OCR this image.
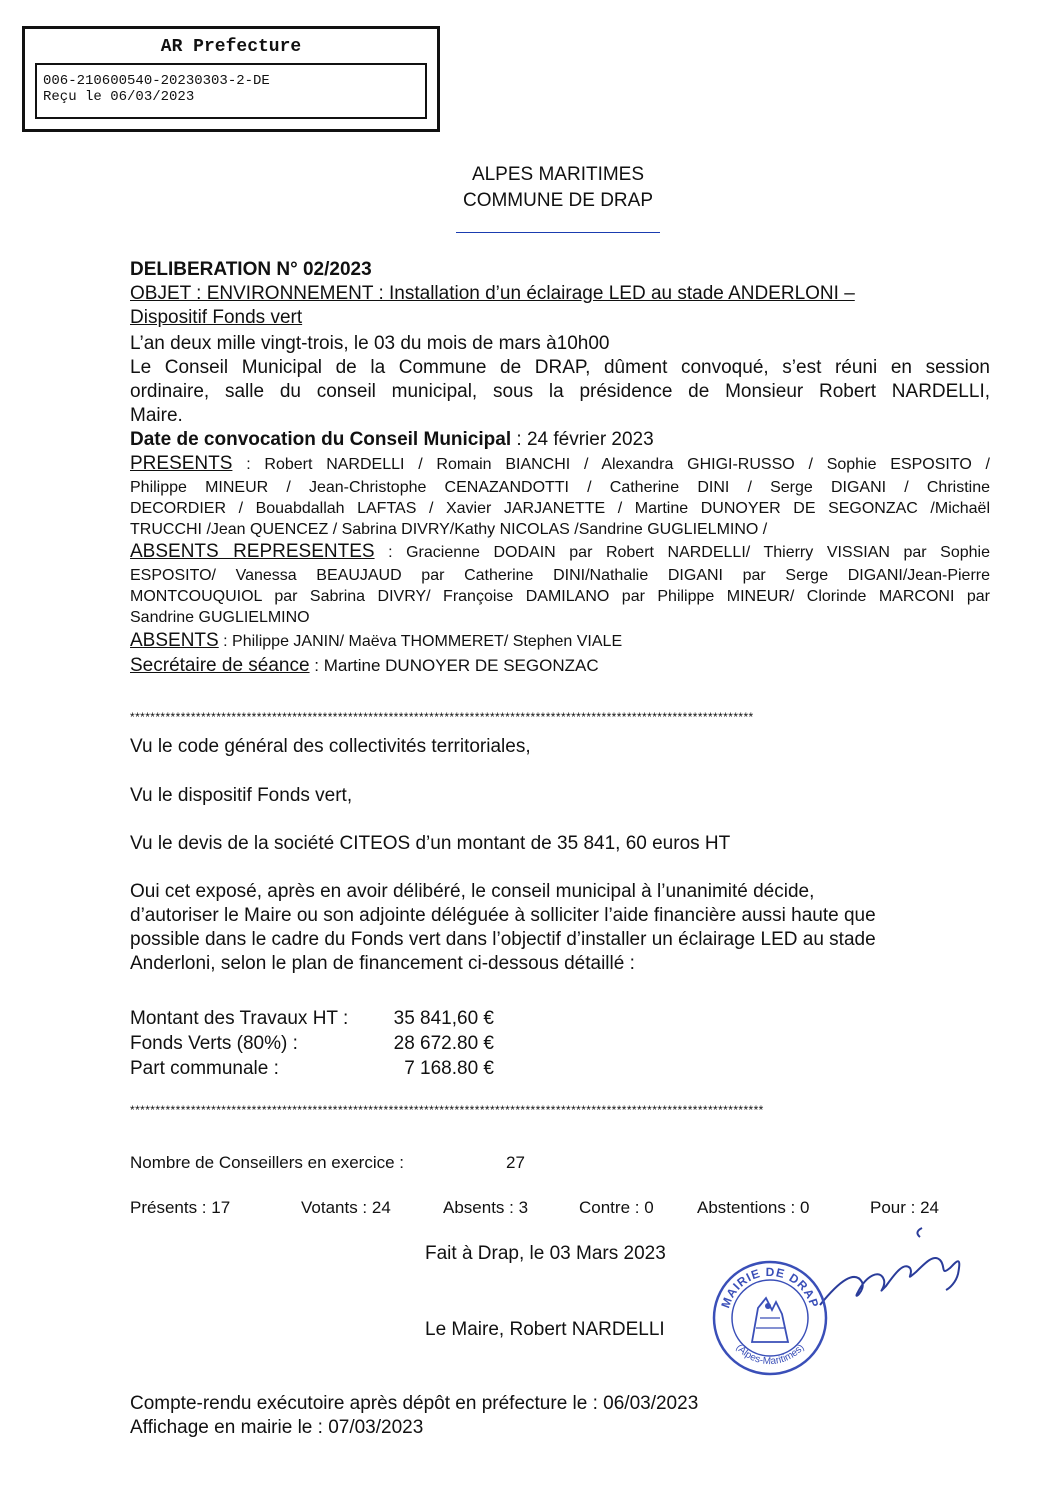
AR Prefecture
006-210600540-20230303-2-DE
Reçu le 06/03/2023
ALPES MARITIMES
COMMUNE DE DRAP
DELIBERATION N° 02/2023
OBJET : ENVIRONNEMENT : Installation d’un éclairage LED au stade ANDERLONI –
Dispositif Fonds vert
L’an deux mille vingt-trois, le 03 du mois de mars à10h00
Le Conseil Municipal de la Commune de DRAP, dûment convoqué, s’est réuni en session
ordinaire, salle du conseil municipal, sous la présidence de Monsieur Robert NARDELLI,
Maire.
Date de convocation du Conseil Municipal : 24 février 2023
PRESENTS : Robert NARDELLI / Romain BIANCHI / Alexandra GHIGI-RUSSO / Sophie ESPOSITO /
Philippe MINEUR / Jean-Christophe CENAZANDOTTI / Catherine DINI / Serge DIGANI / Christine
DECORDIER / Bouabdallah LAFTAS / Xavier JARJANETTE / Martine DUNOYER DE SEGONZAC /Michaël
TRUCCHI /Jean QUENCEZ / Sabrina DIVRY/Kathy NICOLAS /Sandrine GUGLIELMINO /
ABSENTS REPRESENTES : Gracienne DODAIN par Robert NARDELLI/ Thierry VISSIAN par Sophie
ESPOSITO/ Vanessa BEAUJAUD par Catherine DINI/Nathalie DIGANI par Serge DIGANI/Jean-Pierre
MONTCOUQUIOL par Sabrina DIVRY/ Françoise DAMILANO par Philippe MINEUR/ Clorinde MARCONI par
Sandrine GUGLIELMINO
ABSENTS : Philippe JANIN/ Maëva THOMMERET/ Stephen VIALE
Secrétaire de séance : Martine DUNOYER DE SEGONZAC
***************************************************************************************************************************
Vu le code général des collectivités territoriales,
Vu le dispositif Fonds vert,
Vu le devis de la société CITEOS d’un montant de 35 841, 60 euros HT
Oui cet exposé, après en avoir délibéré, le conseil municipal à l’unanimité décide,
d’autoriser le Maire ou son adjointe déléguée à solliciter l’aide financière aussi haute que
possible dans le cadre du Fonds vert dans l’objectif d’installer un éclairage LED au stade
Anderloni, selon le plan de financement ci-dessous détaillé :
Montant des Travaux HT : 35 841,60 €
Fonds Verts (80%) :	28 672.80 €
Part communale :	7 168.80 €
*****************************************************************************************************************************
Nombre de Conseillers en exercice :	27
Présents : 17	Votants : 24	Absents : 3	Contre : 0	Abstentions : 0	Pour : 24
Fait à Drap, le 03 Mars 2023
MAIRIE DE DRAP
(Alpes-Maritimes)
Le Maire, Robert NARDELLI
Compte-rendu exécutoire après dépôt en préfecture le : 06/03/2023
Affichage en mairie le : 07/03/2023
